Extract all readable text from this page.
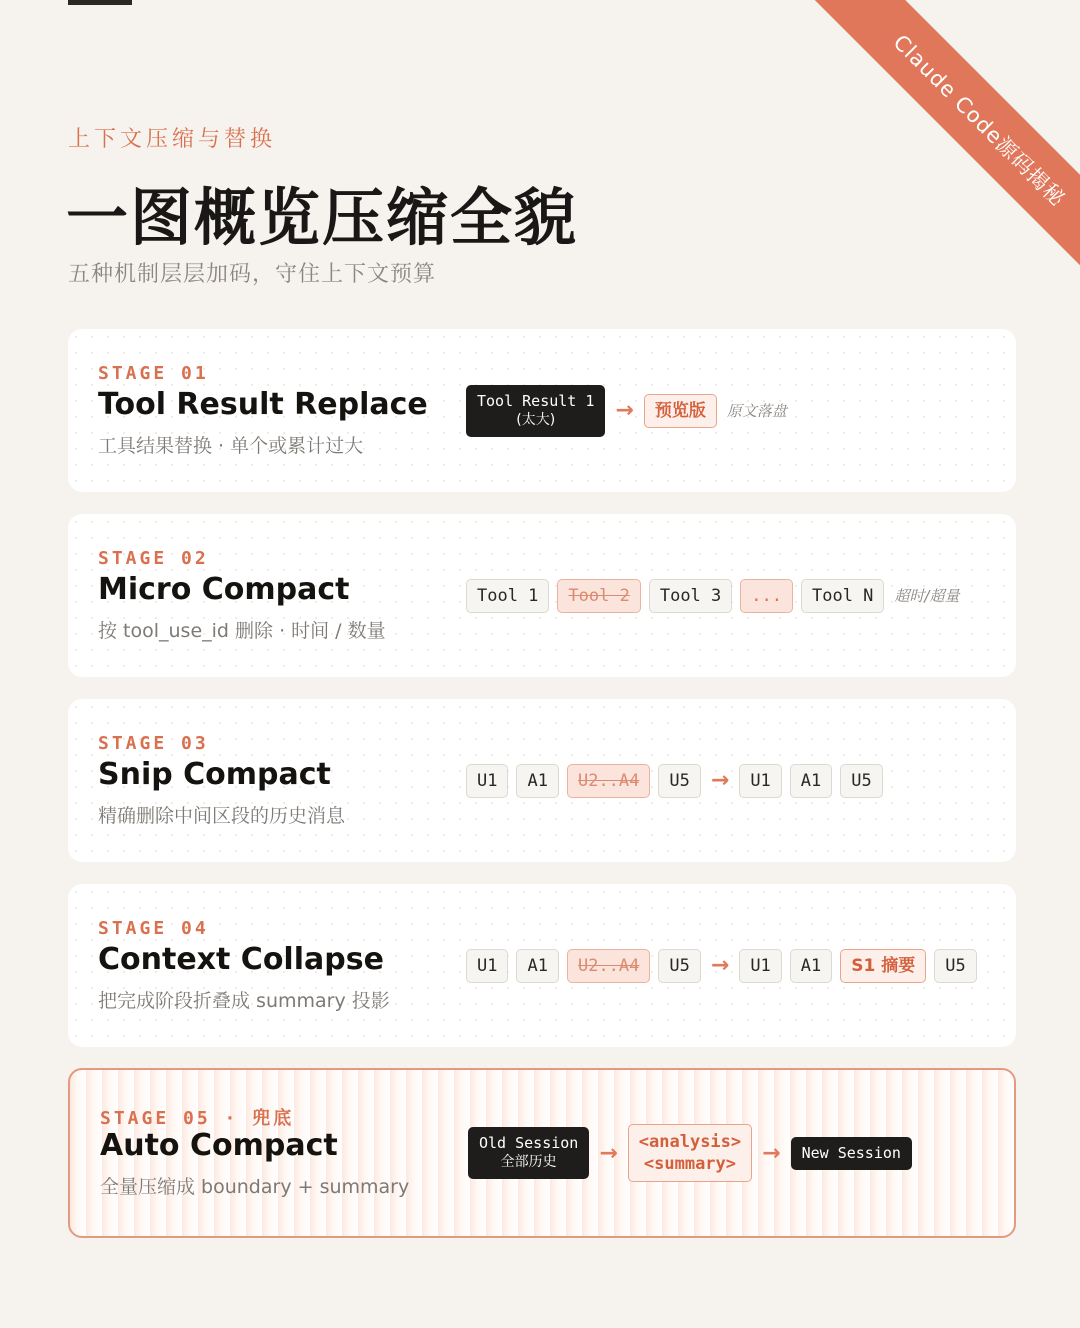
Claude Code源码揭秘
上下文压缩与替换
一图概览压缩全貌
五种机制层层加码，守住上下文预算
STAGE 01
Tool Result Replace
工具结果替换 · 单个或累计过大
Tool Result 1
(太大)	→	预览版	原文落盘
STAGE 02
Micro Compact
按 tool_use_id 删除 · 时间 / 数量
Tool 1	Tool 2	Tool 3	...	Tool N	超时/超量
STAGE 03
Snip Compact
精确删除中间区段的历史消息
U1	A1	U2..A4	U5 →	U1	A1	U5
STAGE 04
Context Collapse
把完成阶段折叠成 summary 投影
U1	A1	U2..A4	U5 →	U1	A1	S1 摘要	U5
STAGE 05 · 兜底
Auto Compact
全量压缩成 boundary + summary
Old Session
全部历史	→ <analysis>
<summary> →	New Session
